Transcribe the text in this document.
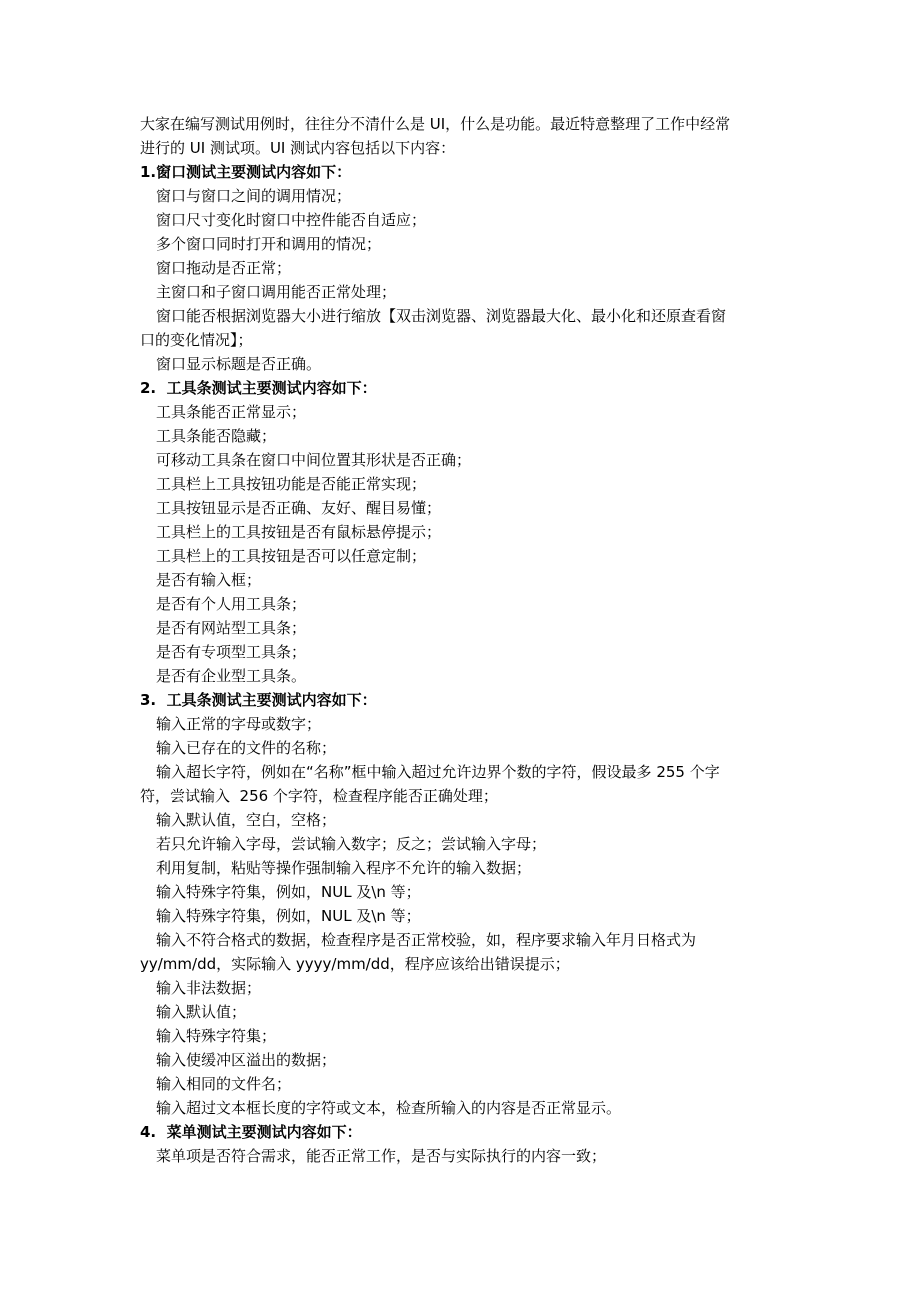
大家在编写测试用例时，往往分不清什么是 UI，什么是功能。最近特意整理了工作中经常
进行的 UI 测试项。UI 测试内容包括以下内容：
1.窗口测试主要测试内容如下：
窗口与窗口之间的调用情况；
窗口尺寸变化时窗口中控件能否自适应；
多个窗口同时打开和调用的情况；
窗口拖动是否正常；
主窗口和子窗口调用能否正常处理；
窗口能否根据浏览器大小进行缩放【双击浏览器、浏览器最大化、最小化和还原查看窗
口的变化情况】；
窗口显示标题是否正确。
2.  工具条测试主要测试内容如下：
工具条能否正常显示；
工具条能否隐藏；
可移动工具条在窗口中间位置其形状是否正确；
工具栏上工具按钮功能是否能正常实现；
工具按钮显示是否正确、友好、醒目易懂；
工具栏上的工具按钮是否有鼠标悬停提示；
工具栏上的工具按钮是否可以任意定制；
是否有输入框；
是否有个人用工具条；
是否有网站型工具条；
是否有专项型工具条；
是否有企业型工具条。
3.  工具条测试主要测试内容如下：
输入正常的字母或数字；
输入已存在的文件的名称；
输入超长字符，例如在“名称”框中输入超过允许边界个数的字符，假设最多 255 个字
符，尝试输入  256 个字符，检查程序能否正确处理；
输入默认值，空白，空格；
若只允许输入字母，尝试输入数字；反之；尝试输入字母；
利用复制，粘贴等操作强制输入程序不允许的输入数据；
输入特殊字符集，例如，NUL 及\n 等；
输入特殊字符集，例如，NUL 及\n 等；
输入不符合格式的数据，检查程序是否正常校验，如，程序要求输入年月日格式为
yy/mm/dd，实际输入 yyyy/mm/dd，程序应该给出错误提示；
输入非法数据；
输入默认值；
输入特殊字符集；
输入使缓冲区溢出的数据；
输入相同的文件名；
输入超过文本框长度的字符或文本，检查所输入的内容是否正常显示。
4.  菜单测试主要测试内容如下：
菜单项是否符合需求，能否正常工作，是否与实际执行的内容一致；
